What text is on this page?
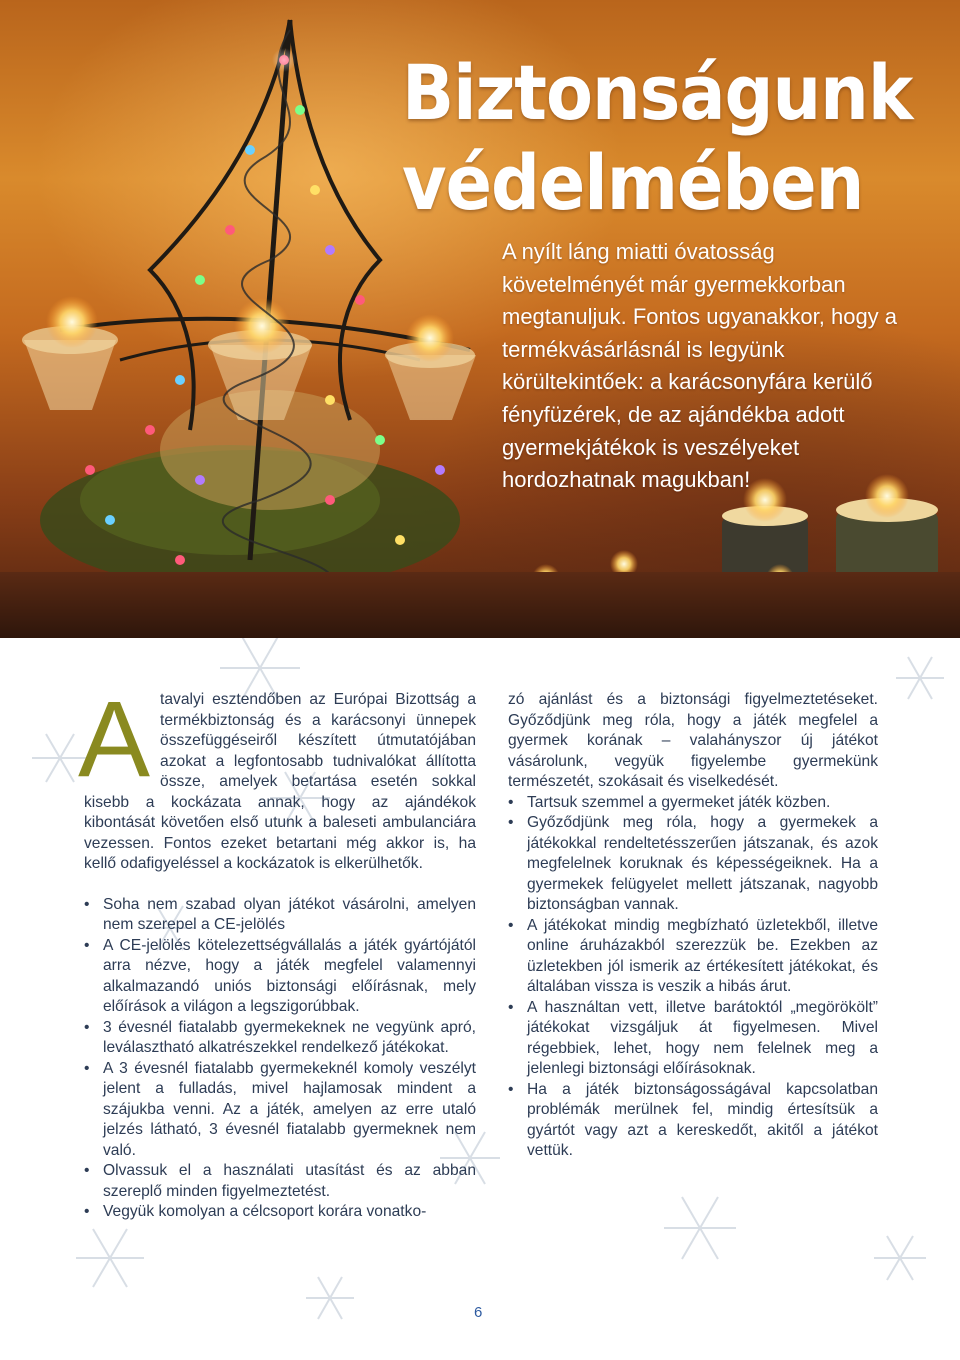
Biztonságunk
védelmében

A nyílt láng miatti óvatosság követelményét már gyermekkorban megtanuljuk. Fontos ugyanakkor, hogy a termékvásárlásnál is legyünk körültekintőek: a karácsonyfára kerülő fényfüzérek, de az ajándékba adott gyermekjátékok is veszélyeket hordozhatnak magukban!

Atavalyi esztendőben az Európai Bizottság a termékbiztonság és a karácsonyi ünnepek összefüggéseiről készített útmutatójában azokat a legfontosabb tudnivalókat állította össze, amelyek betartása esetén sokkal kisebb a kockázata annak, hogy az ajándékok kibontását követően első utunk a baleseti ambulanciára vezessen. Fontos ezeket betartani még akkor is, ha kellő odafigyeléssel a kockázatok is elkerülhetők.

• Soha nem szabad olyan játékot vásárolni, amelyen nem szerepel a CE-jelölés
• A CE-jelölés kötelezettségvállalás a játék gyártójától arra nézve, hogy a játék megfelel valamennyi alkalmazandó uniós biztonsági előírásnak, mely előírások a világon a legszigorúbbak.
• 3 évesnél fiatalabb gyermekeknek ne vegyünk apró, leválasztható alkatrészekkel rendelkező játékokat.
• A 3 évesnél fiatalabb gyermekeknél komoly veszélyt jelent a fulladás, mivel hajlamosak mindent a szájukba venni. Az a játék, amelyen az erre utaló jelzés látható, 3 évesnél fiatalabb gyermeknek nem való.
• Olvassuk el a használati utasítást és az abban szereplő minden figyelmeztetést.
• Vegyük komolyan a célcsoport korára vonatko-

zó ajánlást és a biztonsági figyelmeztetéseket. Győződjünk meg róla, hogy a játék megfelel a gyermek korának – valahányszor új játékot vásárolunk, vegyük figyelembe gyermekünk természetét, szokásait és viselkedését.

• Tartsuk szemmel a gyermeket játék közben.
• Győződjünk meg róla, hogy a gyermekek a játékokkal rendeltetésszerűen játszanak, és azok megfelelnek koruknak és képességeiknek. Ha a gyermekek felügyelet mellett játszanak, nagyobb biztonságban vannak.
• A játékokat mindig megbízható üzletekből, illetve online áruházakból szerezzük be. Ezekben az üzletekben jól ismerik az értékesített játékokat, és általában vissza is veszik a hibás árut.
• A használtan vett, illetve barátoktól „megörökölt” játékokat vizsgáljuk át figyelmesen. Mivel régebbiek, lehet, hogy nem felelnek meg a jelenlegi biztonsági előírásoknak.
• Ha a játék biztonságosságával kapcsolatban problémák merülnek fel, mindig értesítsük a gyártót vagy azt a kereskedőt, akitől a játékot vettük.
6
